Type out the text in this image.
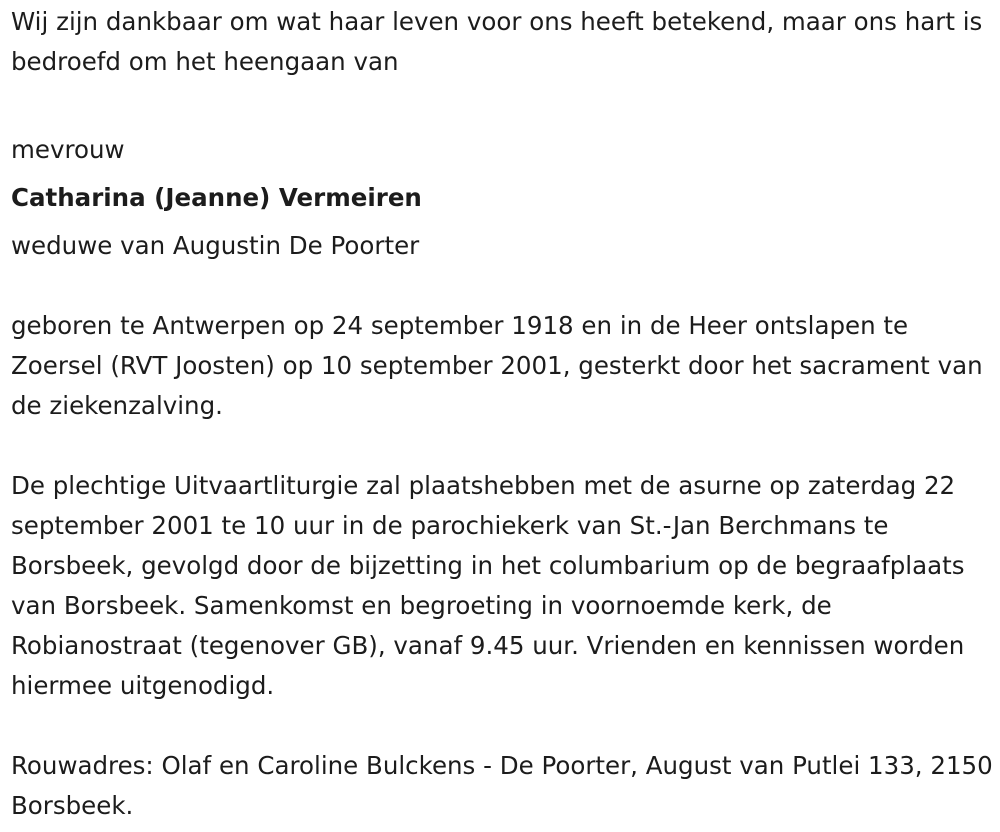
Wij zijn dankbaar om wat haar leven voor ons heeft betekend, maar ons hart is bedroefd om het heengaan van

mevrouw

Catharina (Jeanne) Vermeiren

weduwe van Augustin De Poorter

geboren te Antwerpen op 24 september 1918 en in de Heer ontslapen te Zoersel (RVT Joosten) op 10 september 2001, gesterkt door het sacrament van de ziekenzalving.

De plechtige Uitvaartliturgie zal plaatshebben met de asurne op zaterdag 22 september 2001 te 10 uur in de parochiekerk van St.-Jan Berchmans te Borsbeek, gevolgd door de bijzetting in het columbarium op de begraafplaats van Borsbeek. Samenkomst en begroeting in voornoemde kerk, de Robianostraat (tegenover GB), vanaf 9.45 uur. Vrienden en kennissen worden hiermee uitgenodigd.

Rouwadres: Olaf en Caroline Bulckens - De Poorter, August van Putlei 133, 2150 Borsbeek.
